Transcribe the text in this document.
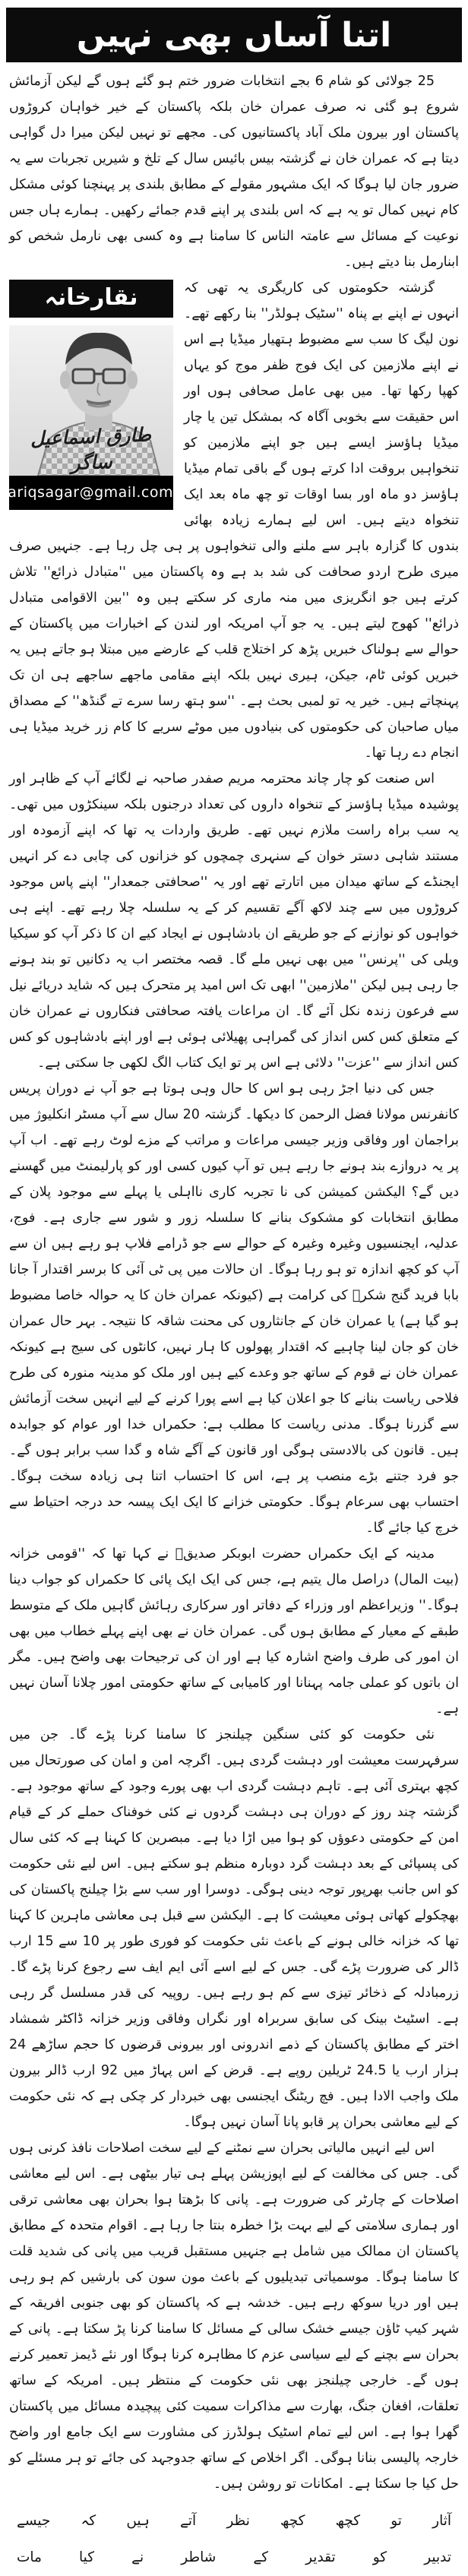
اتنا آساں بھی نہیں

25 جولائی کو شام 6 بجے انتخابات ضرور ختم ہو گئے ہوں گے لیکن آزمائش شروع ہو گئی نہ صرف عمران خان بلکہ پاکستان کے خیر خواہان کروڑوں پاکستان اور بیرون ملک آباد پاکستانیوں کی۔ مجھے تو نہیں لیکن میرا دل گواہی دیتا ہے کہ عمران خان نے گزشتہ بیس بائیس سال کے تلخ و شیریں تجربات سے یہ ضرور جان لیا ہوگا کہ ایک مشہور مقولے کے مطابق بلندی پر پہنچنا کوئی مشکل کام نہیں کمال تو یہ ہے کہ اس بلندی پر اپنے قدم جمائے رکھیں۔ ہمارے ہاں جس نوعیت کے مسائل سے عامتہ الناس کا سامنا ہے وہ کسی بھی نارمل شخص کو ابنارمل بنا دیتے ہیں۔

نقارخانہ
طارق اسماعیل ساگر
tariqsagar@gmail.com

گزشتہ حکومتوں کی کاریگری یہ تھی کہ انہوں نے اپنے بے پناہ ''سٹیک ہولڈر'' بنا رکھے تھے۔ نون لیگ کا سب سے مضبوط ہتھیار میڈیا ہے اس نے اپنے ملازمین کی ایک فوج ظفر موج کو یہاں کھپا رکھا تھا۔ میں بھی عامل صحافی ہوں اور اس حقیقت سے بخوبی آگاہ کہ بمشکل تین یا چار میڈیا ہاؤسز ایسے ہیں جو اپنے ملازمین کو تنخواہیں بروقت ادا کرتے ہوں گے باقی تمام میڈیا ہاؤسز دو ماہ اور بسا اوقات تو چھ ماہ بعد ایک تنخواہ دیتے ہیں۔ اس لیے ہمارے زیادہ بھائی بندوں کا گزارہ باہر سے ملنے والی تنخواہوں پر ہی چل رہا ہے۔ جنہیں صرف میری طرح اردو صحافت کی شد بد ہے وہ پاکستان میں ''متبادل ذرائع'' تلاش کرتے ہیں جو انگریزی میں منہ ماری کر سکتے ہیں وہ ''بین الاقوامی متبادل ذرائع'' کھوج لیتے ہیں۔ یہ جو آپ امریکہ اور لندن کے اخبارات میں پاکستان کے حوالے سے ہولناک خبریں پڑھ کر اختلاج قلب کے عارضے میں مبتلا ہو جاتے ہیں یہ خبریں کوئی ٹام، جیکن، ہیری نہیں بلکہ اپنے مقامی ماجھے ساجھے ہی ان تک پہنچاتے ہیں۔ خیر یہ تو لمبی بحث ہے۔ ''سو ہتھ رسا سرے تے گنڈھ'' کے مصداق میاں صاحبان کی حکومتوں کی بنیادوں میں موٹے سریے کا کام زر خرید میڈیا ہی انجام دے رہا تھا۔

اس صنعت کو چار چاند محترمہ مریم صفدر صاحبہ نے لگائے آپ کے ظاہر اور پوشیدہ میڈیا ہاؤسز کے تنخواہ داروں کی تعداد درجنوں بلکہ سینکڑوں میں تھی۔ یہ سب براہ راست ملازم نہیں تھے۔ طریق واردات یہ تھا کہ اپنے آزمودہ اور مستند شاہی دستر خوان کے سنہری چمچوں کو خزانوں کی چابی دے کر انہیں ایجنڈے کے ساتھ میدان میں اتارتے تھے اور یہ ''صحافتی جمعدار'' اپنے پاس موجود کروڑوں میں سے چند لاکھ آگے تقسیم کر کے یہ سلسلہ چلا رہے تھے۔ اپنے ہی خواہوں کو نوازنے کے جو طریقے ان بادشاہوں نے ایجاد کیے ان کا ذکر آپ کو سیکیا ویلی کی ''پرنس'' میں بھی نہیں ملے گا۔ قصہ مختصر اب یہ دکانیں تو بند ہونے جا رہی ہیں لیکن ''ملازمین'' ابھی تک اس امید پر متحرک ہیں کہ شاید دریائے نیل سے فرعون زندہ نکل آئے گا۔ ان مراعات یافتہ صحافتی فنکاروں نے عمران خان کے متعلق کس کس انداز کی گمراہی پھیلائی ہوئی ہے اور اپنے بادشاہوں کو کس کس انداز سے ''عزت'' دلائی ہے اس پر تو ایک کتاب الگ لکھی جا سکتی ہے۔

جس کی دنیا اجڑ رہی ہو اس کا حال وہی ہوتا ہے جو آپ نے دوران پریس کانفرنس مولانا فضل الرحمن کا دیکھا۔ گزشتہ 20 سال سے آپ مسٹر انکلیوژ میں براجمان اور وفاقی وزیر جیسی مراعات و مراتب کے مزے لوٹ رہے تھے۔ اب آپ پر یہ دروازے بند ہونے جا رہے ہیں تو آپ کیوں کسی اور کو پارلیمنٹ میں گھسنے دیں گے؟ الیکشن کمیشن کی نا تجربہ کاری نااہلی یا پہلے سے موجود پلان کے مطابق انتخابات کو مشکوک بنانے کا سلسلہ زور و شور سے جاری ہے۔ فوج، عدلیہ، ایجنسیوں وغیرہ وغیرہ کے حوالے سے جو ڈرامے فلاپ ہو رہے ہیں ان سے آپ کو کچھ اندازہ تو ہو رہا ہوگا۔ ان حالات میں پی ٹی آئی کا برسر اقتدار آ جانا بابا فرید گنج شکرؒ کی کرامت ہے (کیونکہ عمران خان کا یہ حوالہ خاصا مضبوط ہو گیا ہے) یا عمران خان کے جانثاروں کی محنت شاقہ کا نتیجہ۔ بہر حال عمران خان کو جان لینا چاہیے کہ اقتدار پھولوں کا ہار نہیں، کانٹوں کی سیج ہے کیونکہ عمران خان نے قوم کے ساتھ جو وعدے کیے ہیں اور ملک کو مدینہ منورہ کی طرح فلاحی ریاست بنانے کا جو اعلان کیا ہے اسے پورا کرنے کے لیے انہیں سخت آزمائش سے گزرنا ہوگا۔ مدنی ریاست کا مطلب ہے: حکمراں خدا اور عوام کو جوابدہ ہیں۔ قانون کی بالادستی ہوگی اور قانون کے آگے شاہ و گدا سب برابر ہوں گے۔ جو فرد جتنے بڑے منصب پر ہے، اس کا احتساب اتنا ہی زیادہ سخت ہوگا۔ احتساب بھی سرعام ہوگا۔ حکومتی خزانے کا ایک ایک پیسہ حد درجہ احتیاط سے خرچ کیا جائے گا۔

مدینہ کے ایک حکمراں حضرت ابوبکر صدیقؓ نے کہا تھا کہ ''قومی خزانہ (بیت المال) دراصل مال یتیم ہے، جس کی ایک ایک پائی کا حکمراں کو جواب دینا ہوگا۔'' وزیراعظم اور وزراء کے دفاتر اور سرکاری رہائش گاہیں ملک کے متوسط طبقے کے معیار کے مطابق ہوں گی۔ عمران خان نے بھی اپنے پہلے خطاب میں بھی ان امور کی طرف واضح اشارہ کیا ہے اور ان کی ترجیحات بھی واضح ہیں۔ مگر ان باتوں کو عملی جامہ پہنانا اور کامیابی کے ساتھ حکومتی امور چلانا آسان نہیں ہے۔

نئی حکومت کو کئی سنگین چیلنجز کا سامنا کرنا پڑے گا۔ جن میں سرفہرست معیشت اور دہشت گردی ہیں۔ اگرچہ امن و امان کی صورتحال میں کچھ بہتری آئی ہے۔ تاہم دہشت گردی اب بھی پورے وجود کے ساتھ موجود ہے۔ گزشتہ چند روز کے دوران ہی دہشت گردوں نے کئی خوفناک حملے کر کے قیام امن کے حکومتی دعوؤں کو ہوا میں اڑا دیا ہے۔ مبصرین کا کہنا ہے کہ کئی سال کی پسپائی کے بعد دہشت گرد دوبارہ منظم ہو سکتے ہیں۔ اس لیے نئی حکومت کو اس جانب بھرپور توجہ دینی ہوگی۔ دوسرا اور سب سے بڑا چیلنج پاکستان کی بھچکولے کھاتی ہوئی معیشت کا ہے۔ الیکشن سے قبل ہی معاشی ماہرین کا کہنا تھا کہ خزانہ خالی ہونے کے باعث نئی حکومت کو فوری طور پر 10 سے 15 ارب ڈالر کی ضرورت پڑے گی۔ جس کے لیے اسے آئی ایم ایف سے رجوع کرنا پڑے گا۔ زرمبادلہ کے ذخائر تیزی سے کم ہو رہے ہیں۔ روپیہ کی قدر مسلسل گر رہی ہے۔ اسٹیٹ بینک کی سابق سربراہ اور نگراں وفاقی وزیر خزانہ ڈاکٹر شمشاد اختر کے مطابق پاکستان کے ذمے اندرونی اور بیرونی قرضوں کا حجم ساڑھے 24 ہزار ارب یا 24.5 ٹریلین روپے ہے۔ قرض کے اس پہاڑ میں 92 ارب ڈالر بیرون ملک واجب الادا ہیں۔ فچ ریٹنگ ایجنسی بھی خبردار کر چکی ہے کہ نئی حکومت کے لیے معاشی بحران پر قابو پانا آسان نہیں ہوگا۔

اس لیے انہیں مالیاتی بحران سے نمٹنے کے لیے سخت اصلاحات نافذ کرنی ہوں گی۔ جس کی مخالفت کے لیے اپوزیشن پہلے ہی تیار بیٹھی ہے۔ اس لیے معاشی اصلاحات کے چارٹر کی ضرورت ہے۔ پانی کا بڑھتا ہوا بحران بھی معاشی ترقی اور ہماری سلامتی کے لیے بہت بڑا خطرہ بنتا جا رہا ہے۔ اقوام متحدہ کے مطابق پاکستان ان ممالک میں شامل ہے جنہیں مستقبل قریب میں پانی کی شدید قلت کا سامنا ہوگا۔ موسمیاتی تبدیلیوں کے باعث مون سون کی بارشیں کم ہو رہی ہیں اور دریا سوکھ رہے ہیں۔ خدشہ ہے کہ پاکستان کو بھی جنوبی افریقہ کے شہر کیپ ٹاؤن جیسے خشک سالی کے مسائل کا سامنا کرنا پڑ سکتا ہے۔ پانی کے بحران سے بچنے کے لیے سیاسی عزم کا مظاہرہ کرنا ہوگا اور نئے ڈیمز تعمیر کرنے ہوں گے۔ خارجی چیلنجز بھی نئی حکومت کے منتظر ہیں۔ امریکہ کے ساتھ تعلقات، افغان جنگ، بھارت سے مذاکرات سمیت کئی پیچیدہ مسائل میں پاکستان گھرا ہوا ہے۔ اس لیے تمام اسٹیک ہولڈرز کی مشاورت سے ایک جامع اور واضح خارجہ پالیسی بنانا ہوگی۔ اگر اخلاص کے ساتھ جدوجہد کی جائے تو ہر مسئلے کو حل کیا جا سکتا ہے۔ امکانات تو روشن ہیں۔

آثار تو کچھ کچھ نظر آتے ہیں کہ جیسے
تدبیر کو تقدیر کے شاطر نے کیا مات
